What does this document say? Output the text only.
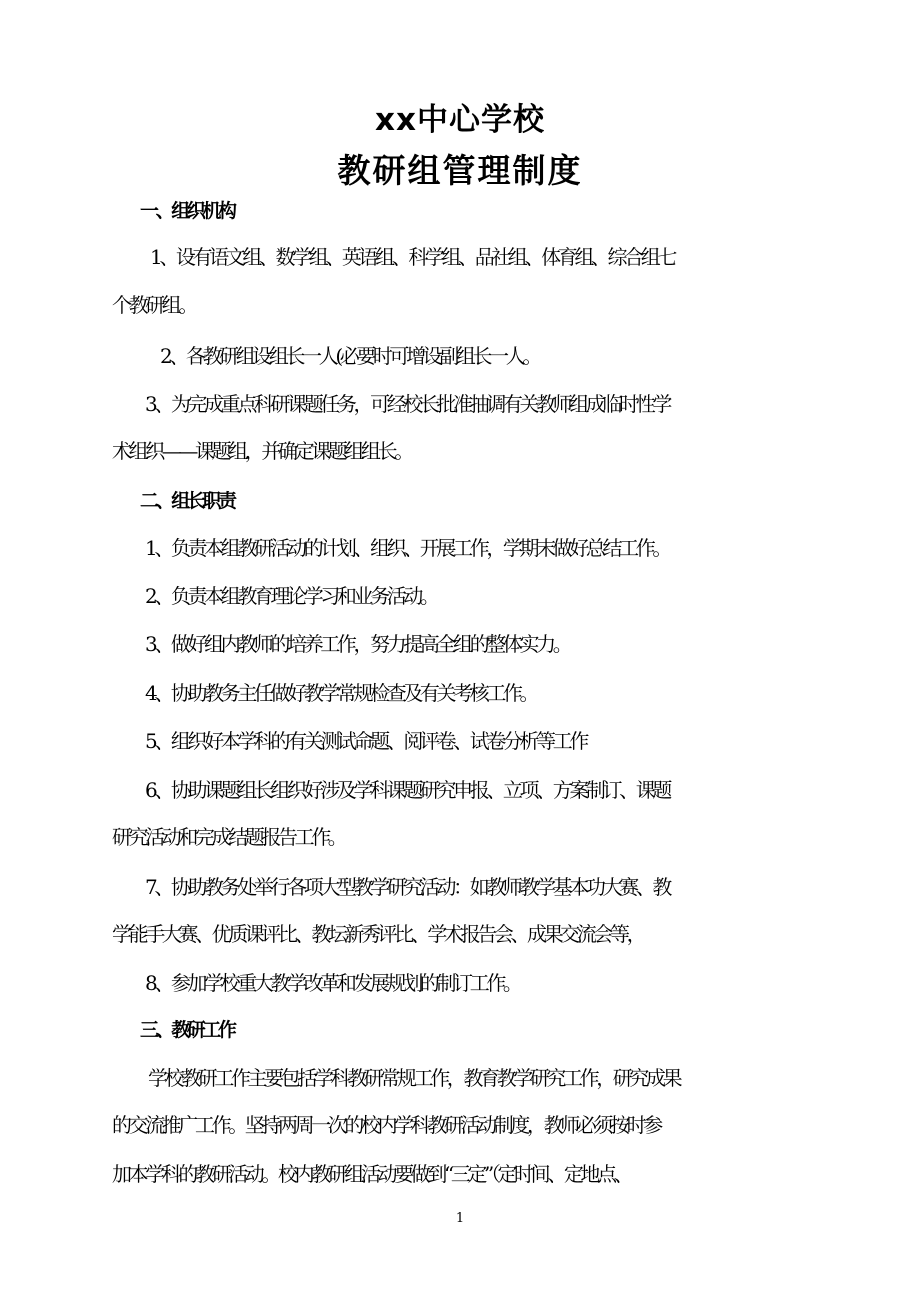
xx中心学校
教研组管理制度
一、组织机构
1、设有语文组、数学组、英语组、科学组、品社组、体育组、综合组七
个教研组。
2、各教研组设组长一人(必要时可增设副组长一人。
3、为完成重点科研课题任务，可经校长批准抽调有关教师组成临时性学
术组织——课题组，并确定课题组组长。
二、组长职责
1、负责本组教研活动的计划、组织、开展工作，学期末做好总结工作。
2、负责本组教育理论学习和业务活动。
3、做好组内教师的培养工作，努力提高全组的整体实力。
4、协助教务主任做好教学常规检查及有关考核工作。
5、组织好本学科的有关测试命题、阅评卷、试卷分析等工作
6、协助课题组长组织好涉及学科课题研究申报、立项、方案制订、课题
研究活动和完成结题报告工作。
7、协助教务处举行各项大型教学研究活动：如教师教学基本功大赛、教
学能手大赛、优质课评比、教坛新秀评比、学术报告会、成果交流会等，
8、参加学校重大教学改革和发展规划的制订工作。
三、教研工作
学校教研工作主要包括学科教研常规工作，教育教学研究工作，研究成果
的交流推广工作。坚持两周一次的校内学科教研活动制度，教师必须按时参
加本学科的教研活动。校内教研组活动要做到“三定”（定时间、定地点、
1
